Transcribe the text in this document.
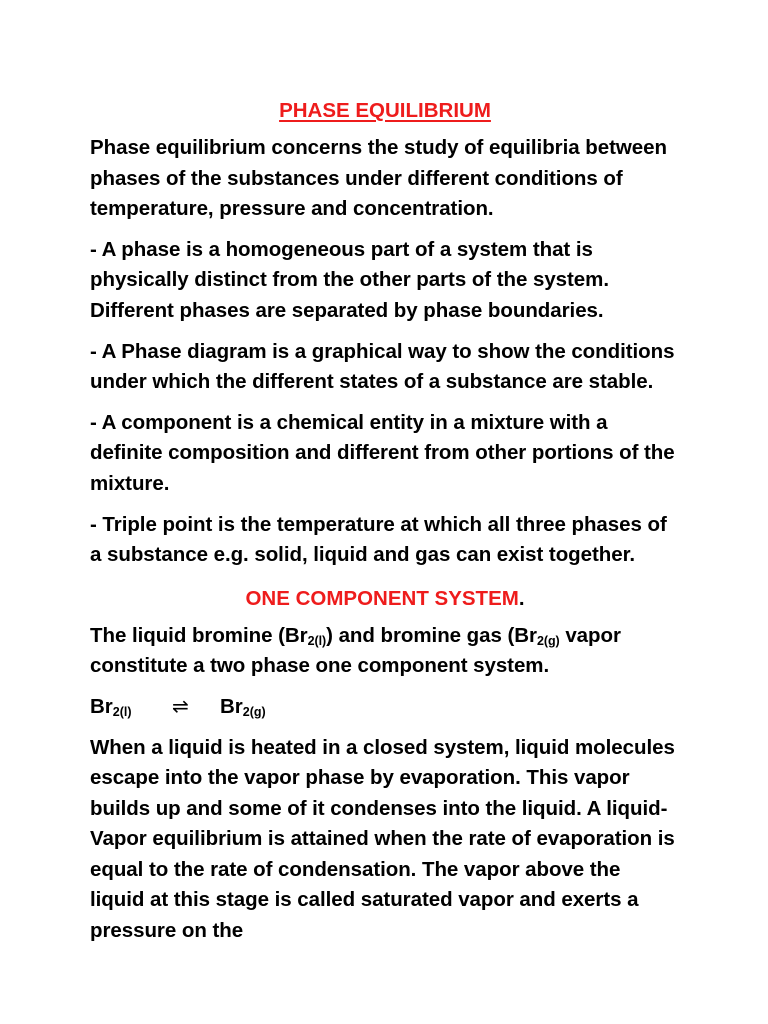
PHASE EQUILIBRIUM

Phase equilibrium concerns the study of equilibria between phases of the substances under different conditions of temperature, pressure and concentration.

- A phase is a homogeneous part of a system that is physically distinct from the other parts of the system. Different phases are separated by phase boundaries.

- A Phase diagram is a graphical way to show the conditions under which the different states of a substance are stable.

- A component is a chemical entity in a mixture with a definite composition and different from other portions of the mixture.

- Triple point is the temperature at which all three phases of a substance e.g. solid, liquid and gas can exist together.

ONE COMPONENT SYSTEM.

The liquid bromine $(Br_{2(l)})$ and bromine gas ($Br_{2(g)}$ vapor constitute a two phase one component system.

$Br_{2(l)}$	⇌	$Br_{2(g)}$

When a liquid is heated in a closed system, liquid molecules escape into the vapor phase by evaporation. This vapor builds up and some of it condenses into the liquid. A liquid-Vapor equilibrium is attained when the rate of evaporation is equal to the rate of condensation. The vapor above the liquid at this stage is called saturated vapor and exerts a pressure on the
